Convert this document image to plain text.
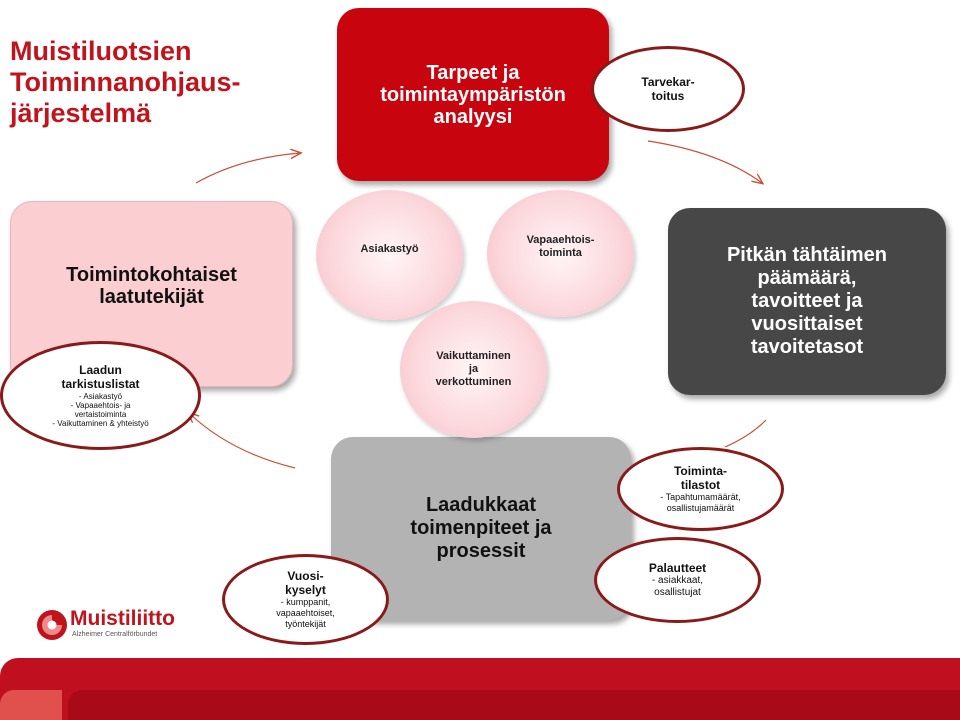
Muistiluotsien
Toiminnanohjaus-
järjestelmä
Tarpeet ja
toimintaympäristön
analyysi
Pitkän tähtäimen
päämäärä,
tavoitteet ja
vuosittaiset
tavoitetasot
Laadukkaat
toimenpiteet ja
prosessit
Toimintokohtaiset
laatutekijät
Asiakastyö
Vapaaehtois-
toiminta
Vaikuttaminen
ja
verkottuminen
Tarvekar-
toitus
Laadun
tarkistuslistat
- Asiakastyö
- Vapaaehtois- ja vertaistoiminta
- Vaikuttaminen & yhteistyö
Toiminta-
tilastot
- Tapahtumamäärät,
osallistujamäärät
Palautteet
- asiakkaat,
osallistujat
Vuosi-
kyselyt
- kumppanit,
vapaaehtoiset,
työntekijät
Muistiliitto
Alzheimer Centralförbundet
